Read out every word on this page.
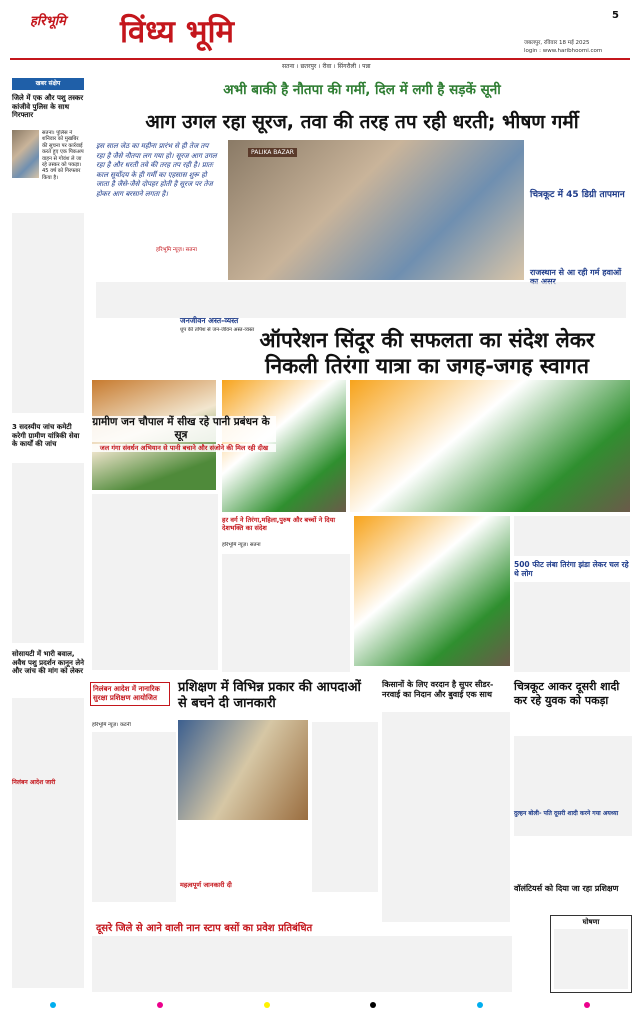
हरिभूमि विंध्य भूमि	5
सतना । छतरपुर । रीवा । सिंगरौली । पन्ना
जबलपुर, रविवार 18 मई 2025
login : www.haribhoomi.com
खबर संक्षेप
जिले में एक और पशु तस्कर कांजीवे पुलिस के साथ गिरफ्तार
सतना। पुलिस ने शनिवार को मुखबिर की सूचना पर कार्रवाई करते हुए एक पिकअप वाहन से गोवंश ले जा रहे तस्कर को पकड़ा। 45 वर्ष को गिरफ्तार किया है।
3 सदस्यीय जांच कमेटी करेगी ग्रामीण यांत्रिकी सेवा के कार्यों की जांच
सोसायटी में भारी बवाल, अवैध पशु प्रदर्शन कानून लेने और जांच की मांग को लेकर
निलंबन आदेश जारी
अभी बाकी है नौतपा की गर्मी, दिल में लगी है सड़कें सूनी
आग उगल रहा सूरज, तवा की तरह तप रही धरती; भीषण गर्मी
इस साल जेठ का महीना प्रारंभ से ही तेज तप रहा है जैसे नौतपा लग गया हो। सूरज आग उगल रहा है और धरती तवे की तरह तप रही है। प्रातः काल सूर्योदय के ही गर्मी का एहसास शुरू हो जाता है जैसे-जैसे दोपहर होती है सूरज पर तेज होकर आग बरसाने लगता है।
हरिभूमि न्यूज़। सतना
PALIKA BAZAR
चित्रकूट में 45 डिग्री तापमान
राजस्थान से आ रही गर्म हवाओं
जनजीवन अस्त-व्यस्त
धूप की तपिश से जन-जीवन अस्त-व्यस्त ऑपरेशन सिंदूर की सफलता का संदेश लेकर
निकली तिरंगा यात्रा का जगह-जगह स्वागत
हर वर्ग ने तिरंगा,महिला,पुरुष और बच्चों ने दिया देशभक्ति का संदेश
हरिभूमि न्यूज़। सतना
500 फीट लंबा तिरंगा झंडा लेकर चल रहे थे लोग
ग्रामीण जन चौपाल में सीख रहे पानी प्रबंधन के सूत्र
जल गंगा संवर्धन अभियान से पानी बचाने और संजोने की मिल रही दीख
निलंबन आदेश में नानारिक सुरक्षा प्रशिक्षण आयोजित
प्रशिक्षण में विभिन्न प्रकार की आपदाओं से बचने दी जानकारी
हरिभूमि न्यूज़। कटनी
महत्वपूर्ण जानकारी दी
किसानों के लिए वरदान है सुपर सीडर- नरवाई का निदान और बुवाई एक साथ
चित्रकूट आकर दूसरी शादी कर रहे युवक को पकड़ा
दुल्हन बोली- पति दूसरी शादी करने गया अयध्या
दूसरे जिले से आने वाली नान स्टाप बसों का प्रवेश प्रतिबंधित
वॉलंटियर्स को दिया जा रहा प्रशिक्षण
घोषणा
